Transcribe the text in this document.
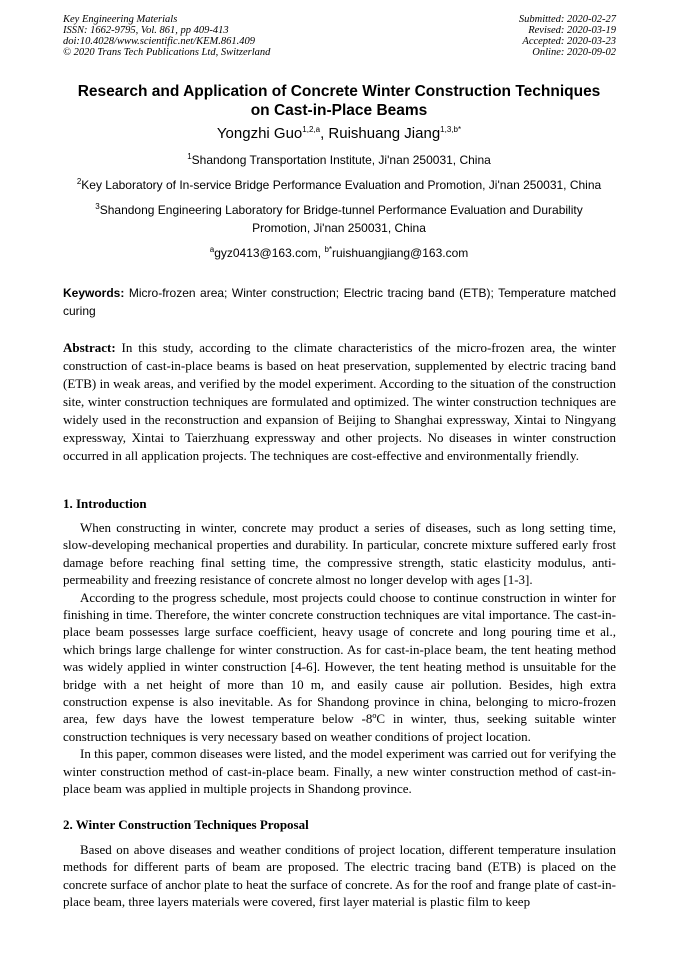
Key Engineering Materials
ISSN: 1662-9795, Vol. 861, pp 409-413
doi:10.4028/www.scientific.net/KEM.861.409
© 2020 Trans Tech Publications Ltd, Switzerland
Submitted: 2020-02-27
Revised: 2020-03-19
Accepted: 2020-03-23
Online: 2020-09-02
Research and Application of Concrete Winter Construction Techniques
on Cast-in-Place Beams
Yongzhi Guo$^{1,2,a}$, Ruishuang Jiang$^{1,3,b*}$
$^1$Shandong Transportation Institute, Ji'nan 250031, China
$^2$Key Laboratory of In-service Bridge Performance Evaluation and Promotion, Ji'nan 250031, China
$^3$Shandong Engineering Laboratory for Bridge-tunnel Performance Evaluation and Durability
Promotion, Ji'nan 250031, China
$^a$gyz0413@163.com, $^{b*}$ruishuangjiang@163.com
Keywords: Micro-frozen area; Winter construction; Electric tracing band (ETB); Temperature matched curing
Abstract: In this study, according to the climate characteristics of the micro-frozen area, the winter construction of cast-in-place beams is based on heat preservation, supplemented by electric tracing band (ETB) in weak areas, and verified by the model experiment. According to the situation of the construction site, winter construction techniques are formulated and optimized. The winter construction techniques are widely used in the reconstruction and expansion of Beijing to Shanghai expressway, Xintai to Ningyang expressway, Xintai to Taierzhuang expressway and other projects. No diseases in winter construction occurred in all application projects. The techniques are cost-effective and environmentally friendly.
1. Introduction

When constructing in winter, concrete may product a series of diseases, such as long setting time, slow-developing mechanical properties and durability. In particular, concrete mixture suffered early frost damage before reaching final setting time, the compressive strength, static elasticity modulus, anti-permeability and freezing resistance of concrete almost no longer develop with ages [1-3].

According to the progress schedule, most projects could choose to continue construction in winter for finishing in time. Therefore, the winter concrete construction techniques are vital importance. The cast-in-place beam possesses large surface coefficient, heavy usage of concrete and long pouring time et al., which brings large challenge for winter construction. As for cast-in-place beam, the tent heating method was widely applied in winter construction [4-6]. However, the tent heating method is unsuitable for the bridge with a net height of more than 10 m, and easily cause air pollution. Besides, high extra construction expense is also inevitable. As for Shandong province in china, belonging to micro-frozen area, few days have the lowest temperature below -8ºC in winter, thus, seeking suitable winter construction techniques is very necessary based on weather conditions of project location.

In this paper, common diseases were listed, and the model experiment was carried out for verifying the winter construction method of cast-in-place beam. Finally, a new winter construction method of cast-in-place beam was applied in multiple projects in Shandong province.

2. Winter Construction Techniques Proposal

Based on above diseases and weather conditions of project location, different temperature insulation methods for different parts of beam are proposed. The electric tracing band (ETB) is placed on the concrete surface of anchor plate to heat the surface of concrete. As for the roof and frange plate of cast-in-place beam, three layers materials were covered, first layer material is plastic film to keep
